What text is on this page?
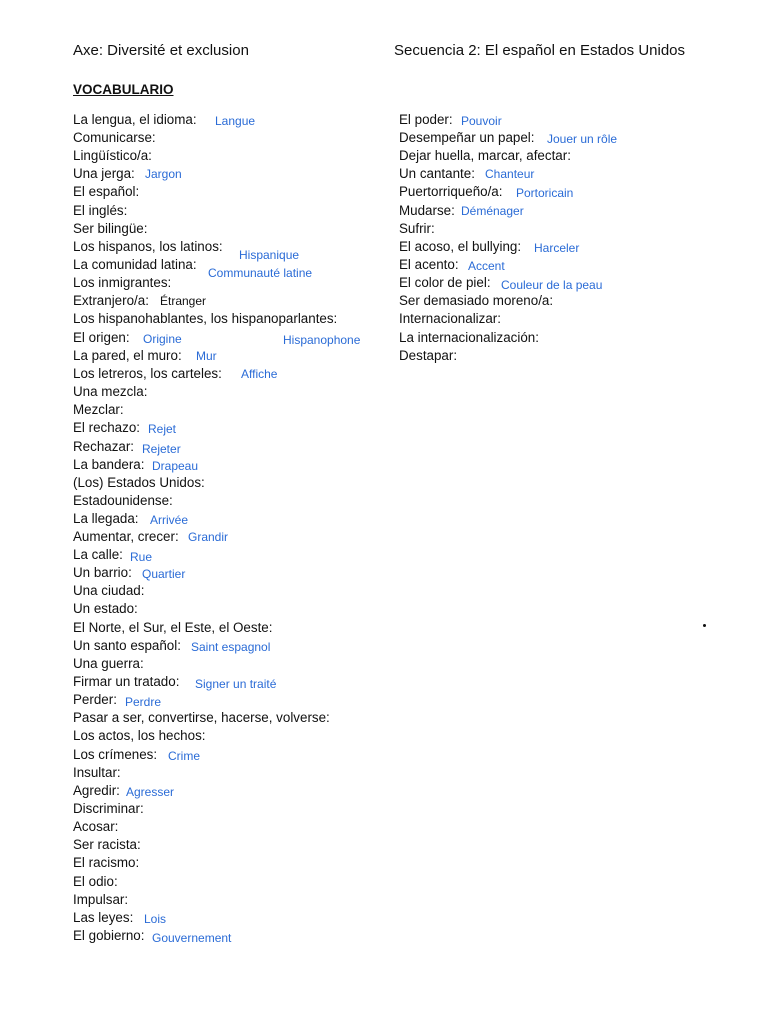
Axe: Diversité et exclusion	Secuencia 2: El español en Estados Unidos
VOCABULARIO
La lengua, el idioma:
Comunicarse:
Lingüístico/a:
Una jerga:
El español:
El inglés:
Ser bilingüe:
Los hispanos, los latinos:
La comunidad latina:
Los inmigrantes:
Extranjero/a:
Los hispanohablantes, los hispanoparlantes:
El origen:
La pared, el muro:
Los letreros, los carteles:
Una mezcla:
Mezclar:
El rechazo:
Rechazar:
La bandera:
(Los) Estados Unidos:
Estadounidense:
La llegada:
Aumentar, crecer:
La calle:
Un barrio:
Una ciudad:
Un estado:
El Norte, el Sur, el Este, el Oeste:
Un santo español:
Una guerra:
Firmar un tratado:
Perder:
Pasar a ser, convertirse, hacerse, volverse:
Los actos, los hechos:
Los crímenes:
Insultar:
Agredir:
Discriminar:
Acosar:
Ser racista:
El racismo:
El odio:
Impulsar:
Las leyes:
El gobierno:
Langue
Jargon
Hispanique
Communauté latine
Étranger
Origine	Hispanophone
Mur
Affiche
Rejet
Rejeter
Drapeau
Arrivée
Grandir
Rue
Quartier
Saint espagnol
Signer un traité
Perdre
Crime
Agresser
Lois
Gouvernement
El poder:
Desempeñar un papel:
Dejar huella, marcar, afectar:
Un cantante:
Puertorriqueño/a:
Mudarse:
Sufrir:
El acoso, el bullying:
El acento:
El color de piel:
Ser demasiado moreno/a:
Internacionalizar:
La internacionalización:
Destapar:
Pouvoir
Jouer un rôle
Chanteur
Portoricain
Déménager
Harceler
Accent
Couleur de la peau
